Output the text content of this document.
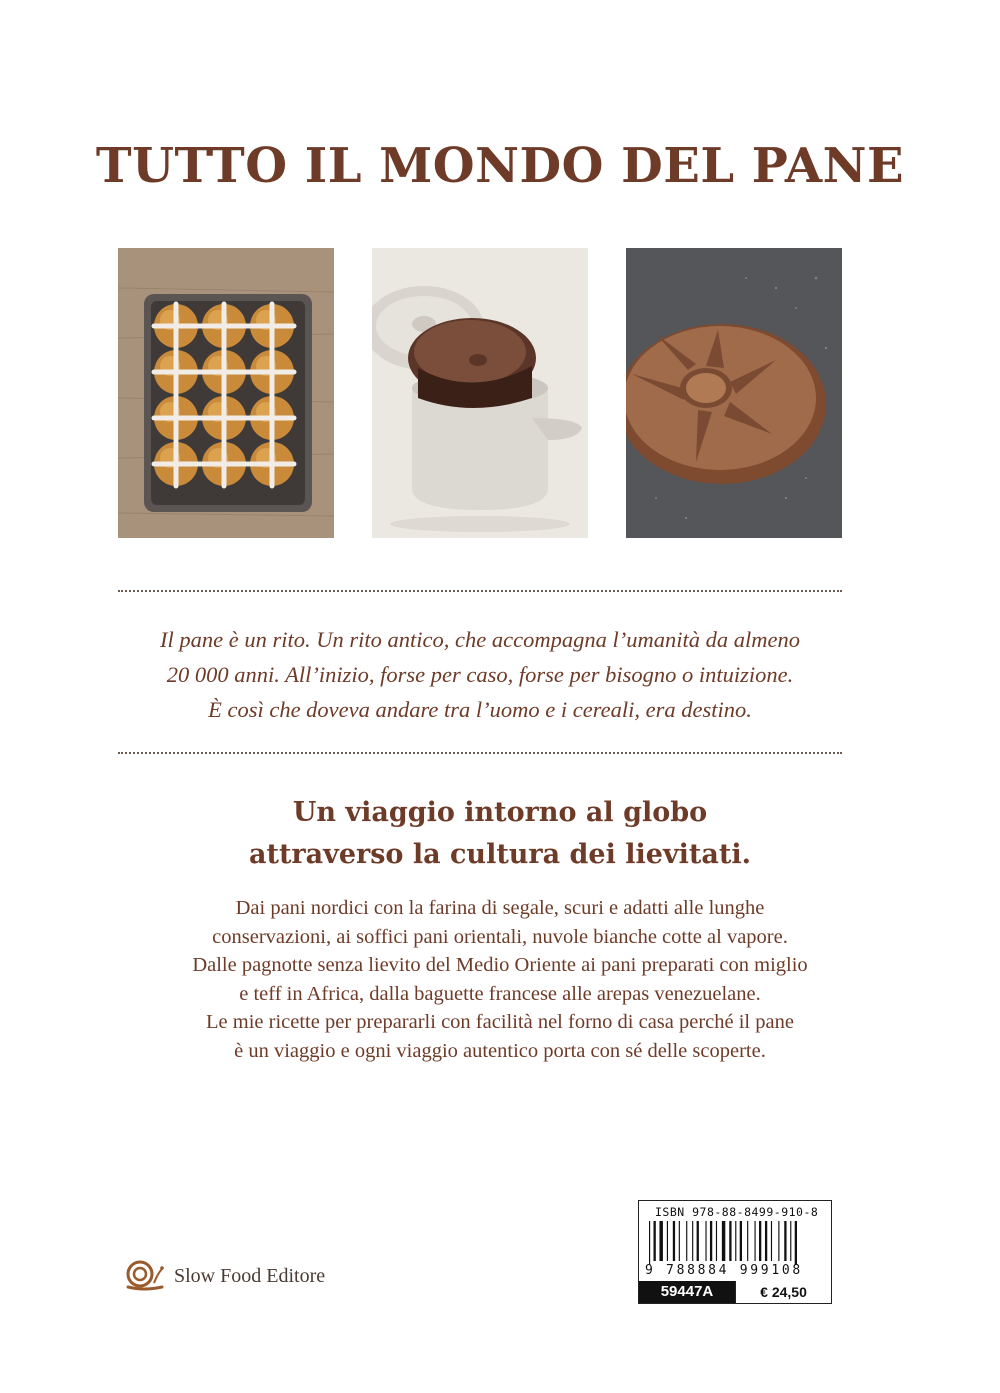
TUTTO IL MONDO DEL PANE

Il pane è un rito. Un rito antico, che accompagna l’umanità da almeno
20 000 anni. All’inizio, forse per caso, forse per bisogno o intuizione.
È così che doveva andare tra l’uomo e i cereali, era destino.

Un viaggio intorno al globo
attraverso la cultura dei lievitati.

Dai pani nordici con la farina di segale, scuri e adatti alle lunghe
conservazioni, ai soffici pani orientali, nuvole bianche cotte al vapore.
Dalle pagnotte senza lievito del Medio Oriente ai pani preparati con miglio
e teff in Africa, dalla baguette francese alle arepas venezuelane.
Le mie ricette per prepararli con facilità nel forno di casa perché il pane
è un viaggio e ogni viaggio autentico porta con sé delle scoperte.

Slow Food Editore
ISBN 978-88-8499-910-8
9 788884 999108
59447A	€ 24,50
